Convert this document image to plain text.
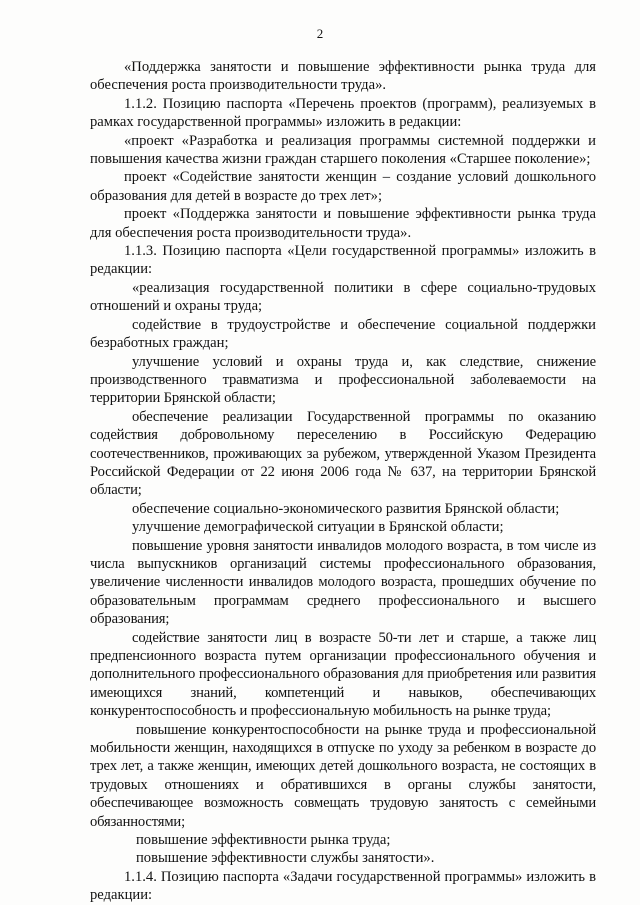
2

«Поддержка занятости и повышение эффективности рынка труда для обеспечения роста производительности труда».

1.1.2. Позицию паспорта «Перечень проектов (программ), реализуемых в рамках государственной программы» изложить в редакции:

«проект «Разработка и реализация программы системной поддержки и повышения качества жизни граждан старшего поколения «Старшее поколение»;

проект «Содействие занятости женщин – создание условий дошкольного образования для детей в возрасте до трех лет»;

проект «Поддержка занятости и повышение эффективности рынка труда для обеспечения роста производительности труда».

1.1.3. Позицию паспорта «Цели государственной программы» изложить в редакции:

«реализация государственной политики в сфере социально-трудовых отношений и охраны труда;

содействие в трудоустройстве и обеспечение социальной поддержки безработных граждан;

улучшение условий и охраны труда и, как следствие, снижение производственного травматизма и профессиональной заболеваемости на территории Брянской области;

обеспечение реализации Государственной программы по оказанию содействия добровольному переселению в Российскую Федерацию соотечественников, проживающих за рубежом, утвержденной Указом Президента Российской Федерации от 22 июня 2006 года № 637, на территории Брянской области;

обеспечение социально-экономического развития Брянской области;

улучшение демографической ситуации в Брянской области;

повышение уровня занятости инвалидов молодого возраста, в том числе из числа выпускников организаций системы профессионального образования, увеличение численности инвалидов молодого возраста, прошедших обучение по образовательным программам среднего профессионального и высшего образования;

содействие занятости лиц в возрасте 50-ти лет и старше, а также лиц предпенсионного возраста путем организации профессионального обучения и дополнительного профессионального образования для приобретения или развития имеющихся знаний, компетенций и навыков, обеспечивающих конкурентоспособность и профессиональную мобильность на рынке труда;

повышение конкурентоспособности на рынке труда и профессиональной мобильности женщин, находящихся в отпуске по уходу за ребенком в возрасте до трех лет, а также женщин, имеющих детей дошкольного возраста, не состоящих в трудовых отношениях и обратившихся в органы службы занятости, обеспечивающее возможность совмещать трудовую занятость с семейными обязанностями;

повышение эффективности рынка труда;

повышение эффективности службы занятости».

1.1.4. Позицию паспорта «Задачи государственной программы» изложить в редакции:
